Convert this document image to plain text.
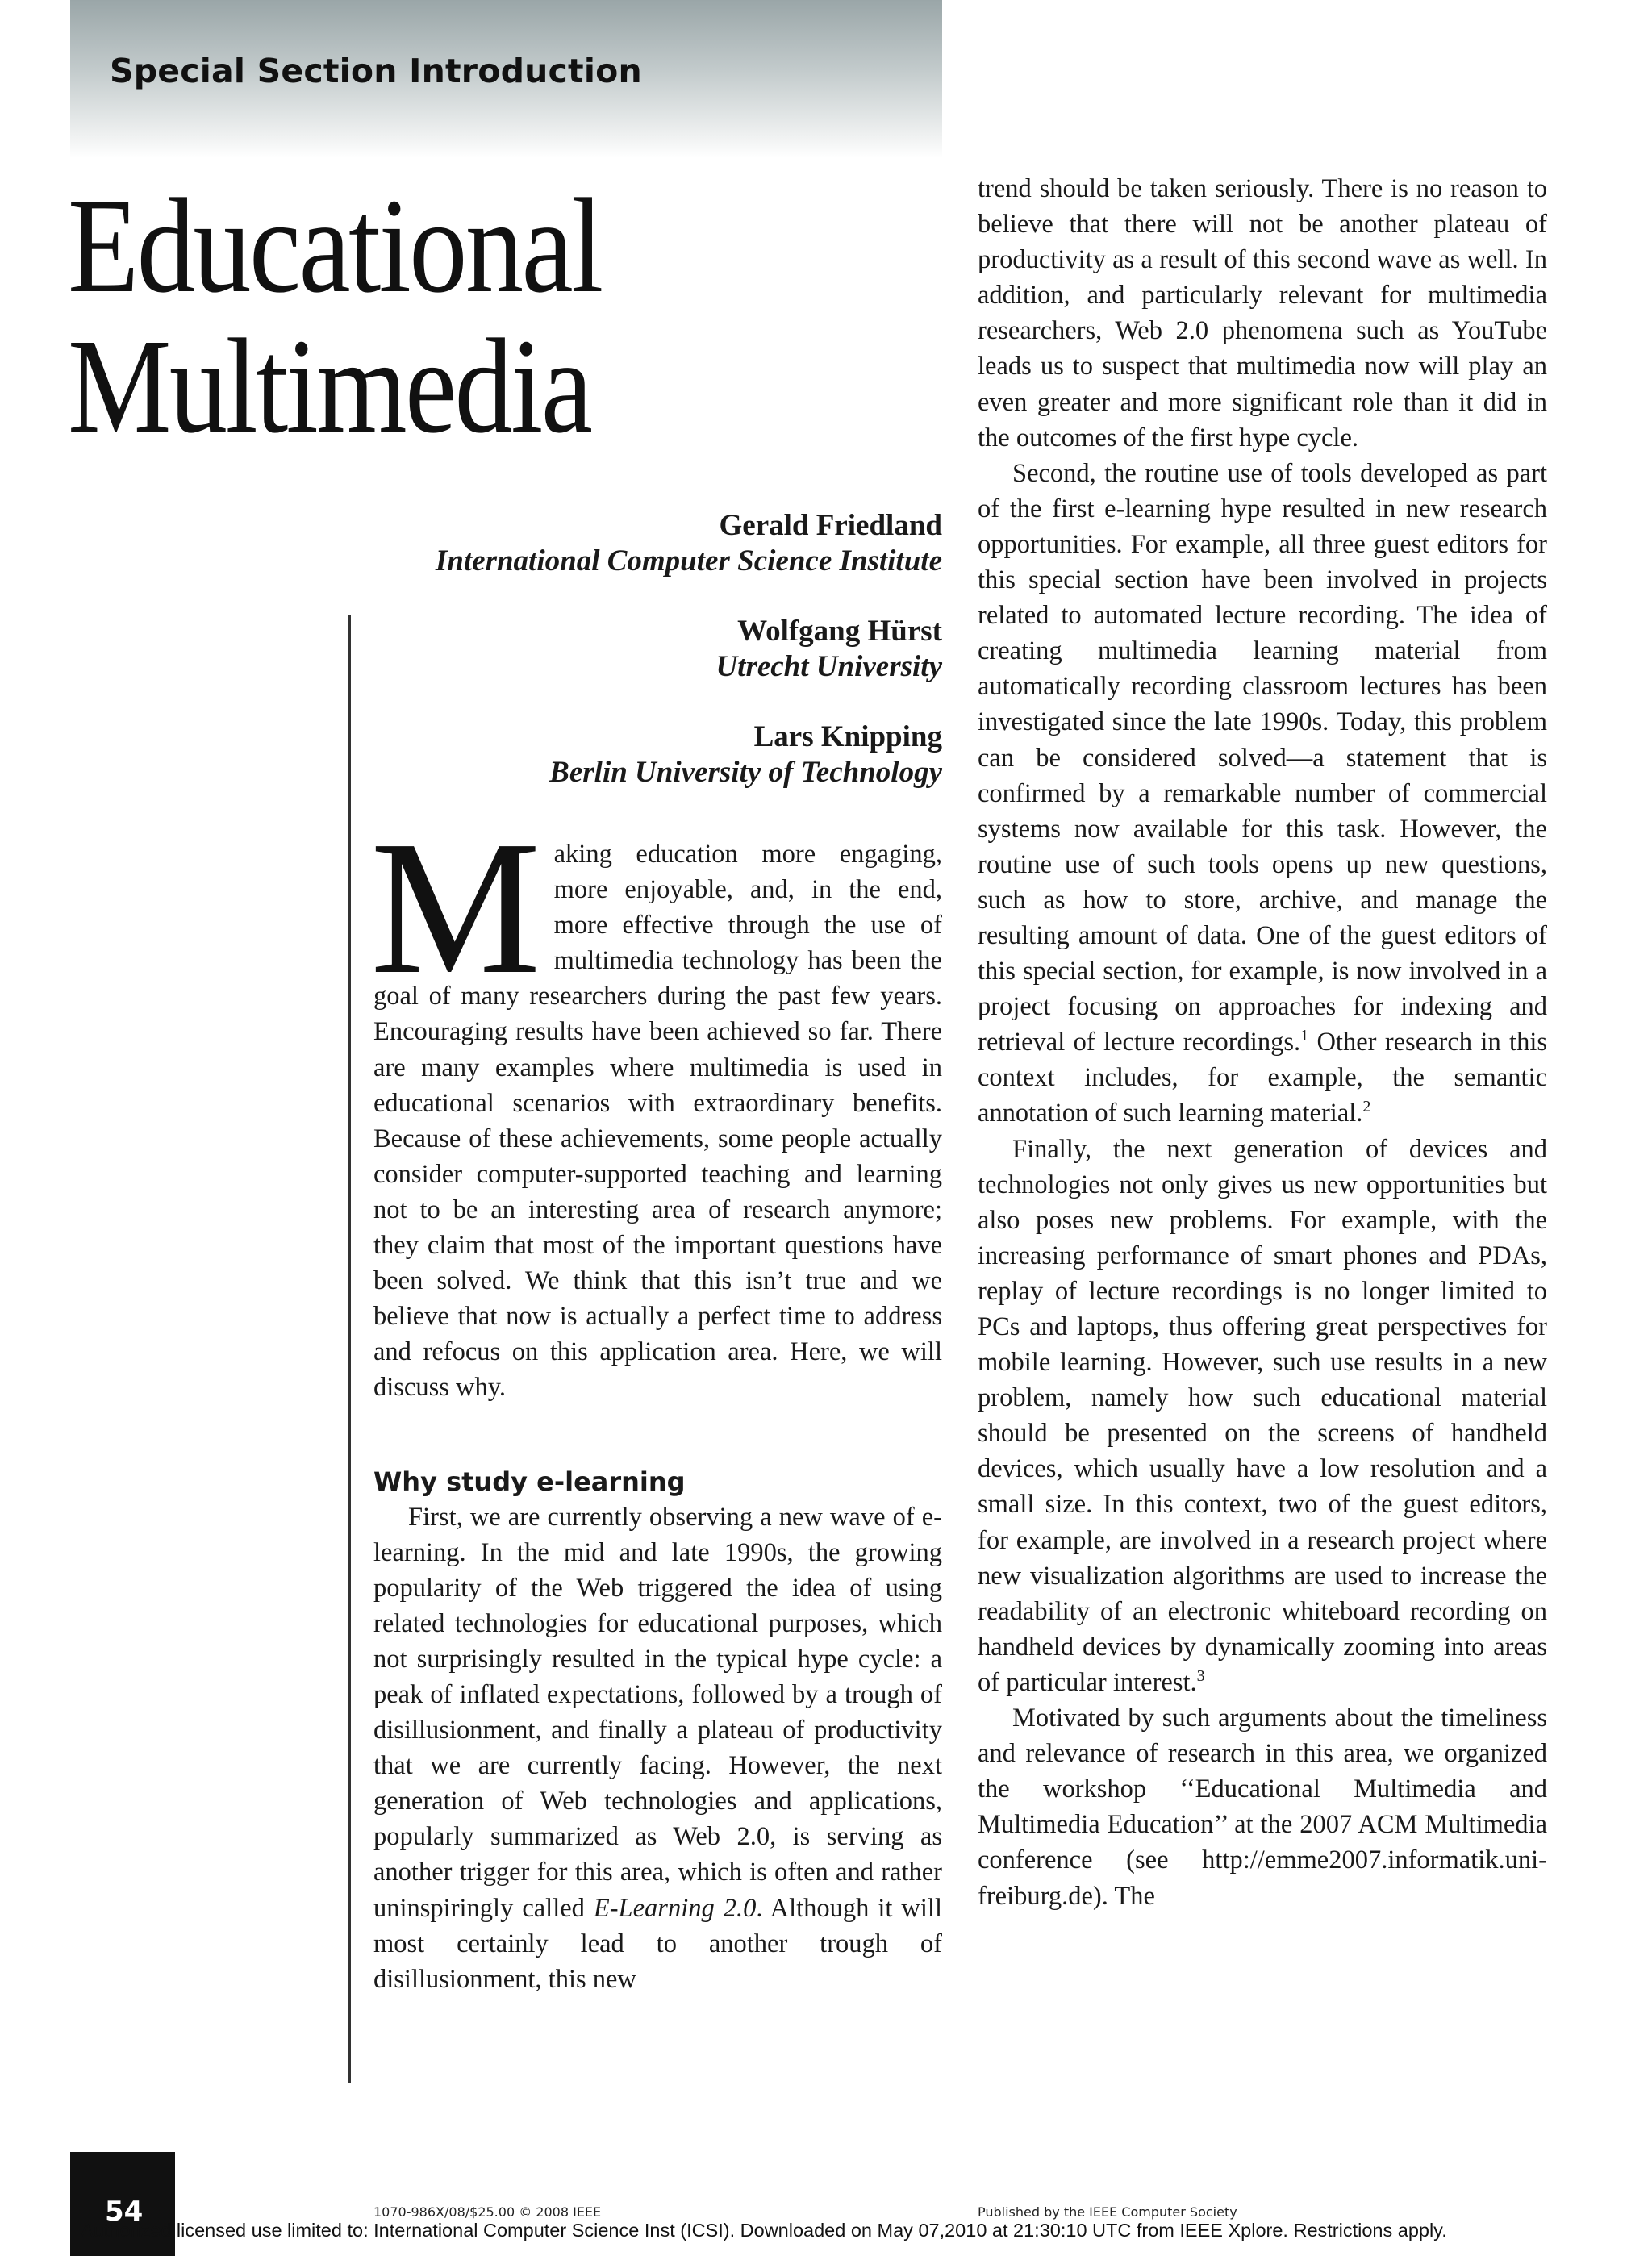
Special Section Introduction
Educational
Multimedia
Gerald Friedland
International Computer Science Institute
Wolfgang Hürst
Utrecht University
Lars Knipping
Berlin University of Technology

Making education more engaging, more enjoyable, and, in the end, more effective through the use of multimedia technology has been the goal of many researchers during the past few years. Encouraging results have been achieved so far. There are many examples where multimedia is used in educational scenarios with extraordinary benefits. Because of these achievements, some people actually consider computer-supported teaching and learning not to be an interesting area of research anymore; they claim that most of the important questions have been solved. We think that this isn’t true and we believe that now is actually a perfect time to address and refocus on this application area. Here, we will discuss why.

Why study e-learning

First, we are currently observing a new wave of e-learning. In the mid and late 1990s, the growing popularity of the Web triggered the idea of using related technologies for educational purposes, which not surprisingly resulted in the typical hype cycle: a peak of inflated expectations, followed by a trough of disillusionment, and finally a plateau of productivity that we are currently facing. However, the next generation of Web technologies and applications, popularly summarized as Web 2.0, is serving as another trigger for this area, which is often and rather uninspiringly called E-Learning 2.0. Although it will most certainly lead to another trough of disillusionment, this new

trend should be taken seriously. There is no reason to believe that there will not be another plateau of productivity as a result of this second wave as well. In addition, and particularly relevant for multimedia researchers, Web 2.0 phenomena such as YouTube leads us to suspect that multimedia now will play an even greater and more significant role than it did in the outcomes of the first hype cycle.

Second, the routine use of tools developed as part of the first e-learning hype resulted in new research opportunities. For example, all three guest editors for this special section have been involved in projects related to automated lecture recording. The idea of creating multimedia learning material from automatically recording classroom lectures has been investigated since the late 1990s. Today, this problem can be considered solved—a statement that is confirmed by a remarkable number of commercial systems now available for this task. However, the routine use of such tools opens up new questions, such as how to store, archive, and manage the resulting amount of data. One of the guest editors of this special section, for example, is now involved in a project focusing on approaches for indexing and retrieval of lecture recordings.$^1$ Other research in this context includes, for example, the semantic annotation of such learning material.$^2$

Finally, the next generation of devices and technologies not only gives us new opportunities but also poses new problems. For example, with the increasing performance of smart phones and PDAs, replay of lecture recordings is no longer limited to PCs and laptops, thus offering great perspectives for mobile learning. However, such use results in a new problem, namely how such educational material should be presented on the screens of handheld devices, which usually have a low resolution and a small size. In this context, two of the guest editors, for example, are involved in a research project where new visualization algorithms are used to increase the readability of an electronic whiteboard recording on handheld devices by dynamically zooming into areas of particular interest.$^3$

Motivated by such arguments about the timeliness and relevance of research in this area, we organized the workshop ‘‘Educational Multimedia and Multimedia Education’’ at the 2007 ACM Multimedia conference (see http://emme2007.informatik.uni-freiburg.de). The

54	1070-986X/08/$25.00 © 2008 IEEE	Published by the IEEE Computer Society
Authorized licensed use limited to: International Computer Science Inst (ICSI). Downloaded on May 07,2010 at 21:30:10 UTC from IEEE Xplore. Restrictions apply.
